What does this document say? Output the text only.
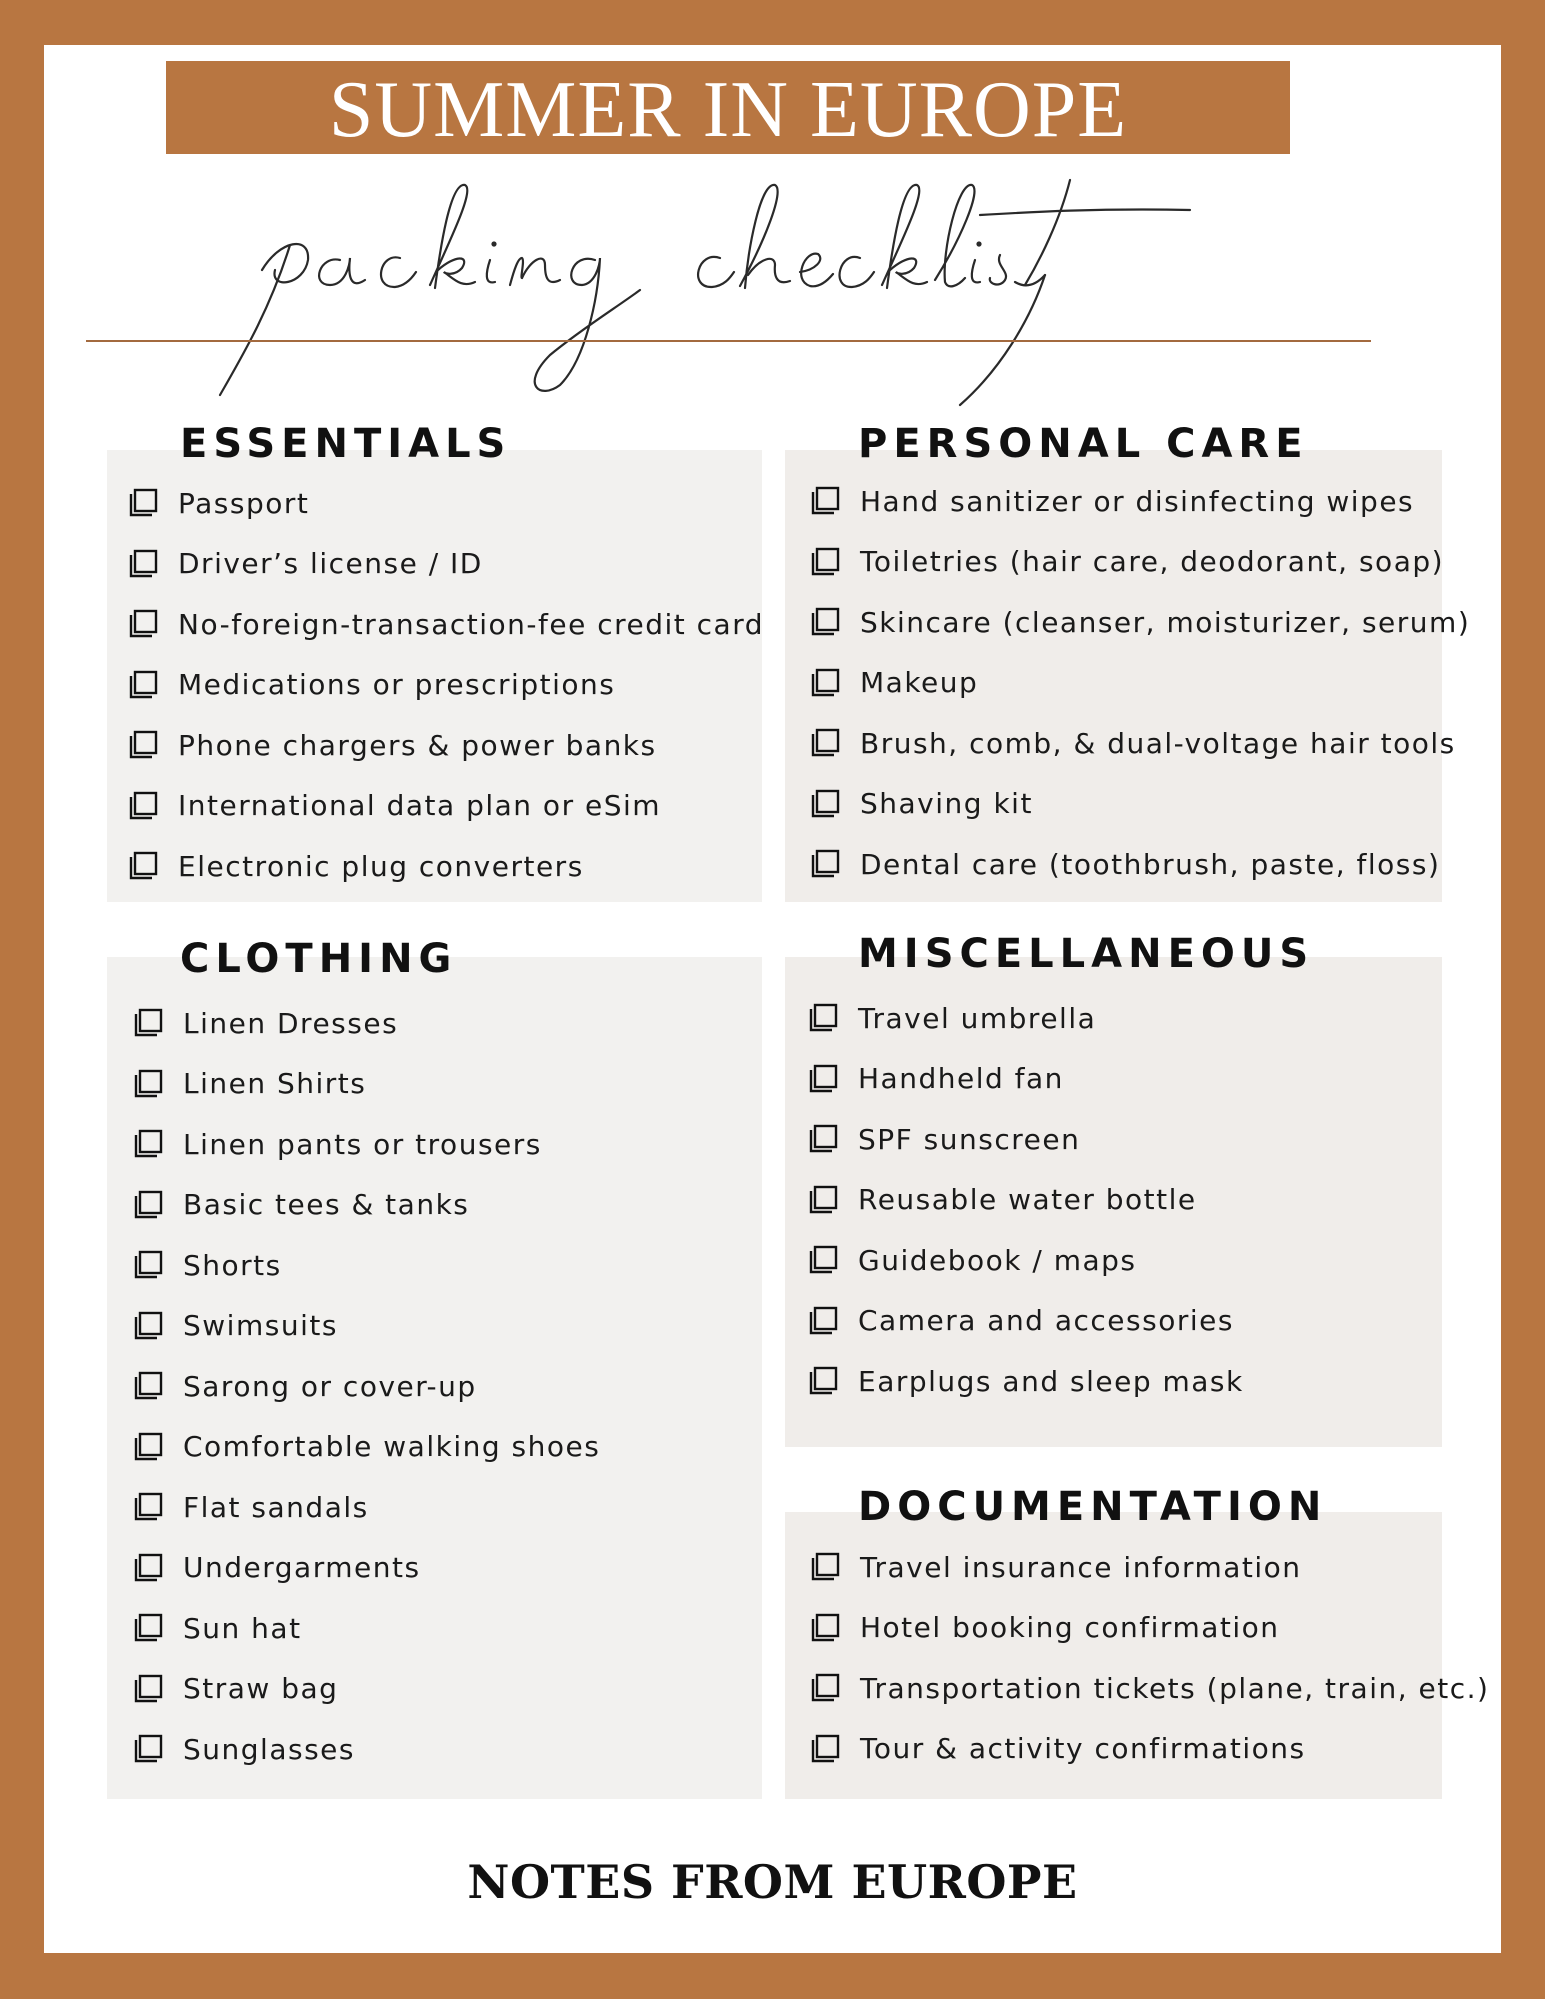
SUMMER IN EUROPE
ESSENTIALS	PERSONAL CARE
CLOTHING	MISCELLANEOUS
DOCUMENTATION
Passport
Driver’s license / ID
No-foreign-transaction-fee credit card
Medications or prescriptions
Phone chargers & power banks
International data plan or eSim
Electronic plug converters
Hand sanitizer or disinfecting wipes
Toiletries (hair care, deodorant, soap)
Skincare (cleanser, moisturizer, serum)
Makeup
Brush, comb, & dual-voltage hair tools
Shaving kit
Dental care (toothbrush, paste, floss)
Linen Dresses
Linen Shirts
Linen pants or trousers
Basic tees & tanks
Shorts
Swimsuits
Sarong or cover-up
Comfortable walking shoes
Flat sandals
Undergarments
Sun hat
Straw bag
Sunglasses
Travel umbrella
Handheld fan
SPF sunscreen
Reusable water bottle
Guidebook / maps
Camera and accessories
Earplugs and sleep mask
Travel insurance information
Hotel booking confirmation
Transportation tickets (plane, train, etc.)
Tour & activity confirmations
NOTES FROM EUROPE
